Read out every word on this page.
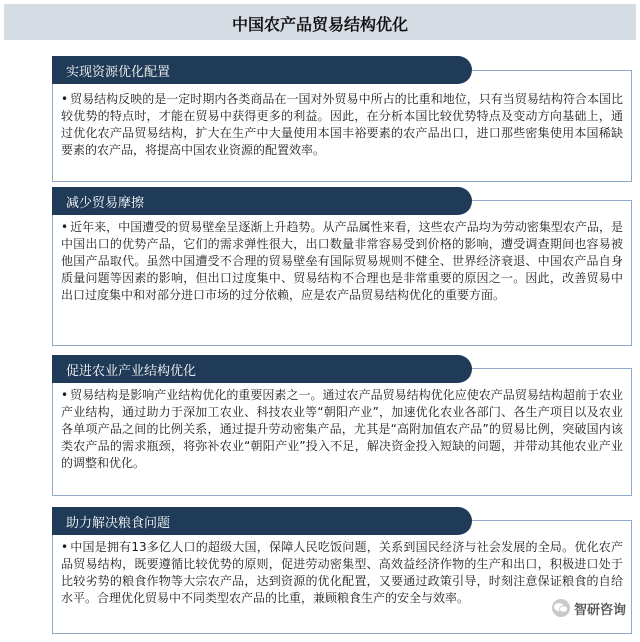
中国农产品贸易结构优化
• 贸易结构反映的是一定时期内各类商品在一国对外贸易中所占的比重和地位，只有当贸易结构符合本国比较优势的特点时，才能在贸易中获得更多的利益。因此，在分析本国比较优势特点及变动方向基础上，通过优化农产品贸易结构，扩大在生产中大量使用本国丰裕要素的农产品出口，进口那些密集使用本国稀缺要素的农产品，将提高中国农业资源的配置效率。
实现资源优化配置
• 近年来，中国遭受的贸易壁垒呈逐渐上升趋势。从产品属性来看，这些农产品均为劳动密集型农产品，是中国出口的优势产品，它们的需求弹性很大，出口数量非常容易受到价格的影响，遭受调查期间也容易被他国产品取代。虽然中国遭受不合理的贸易壁垒有国际贸易规则不健全、世界经济衰退、中国农产品自身质量问题等因素的影响，但出口过度集中、贸易结构不合理也是非常重要的原因之一。因此，改善贸易中出口过度集中和对部分进口市场的过分依赖，应是农产品贸易结构优化的重要方面。
减少贸易摩擦
• 贸易结构是影响产业结构优化的重要因素之一。通过农产品贸易结构优化应使农产品贸易结构超前于农业产业结构，通过助力于深加工农业、科技农业等“朝阳产业”，加速优化农业各部门、各生产项目以及农业各单项产品之间的比例关系，通过提升劳动密集产品，尤其是“高附加值农产品”的贸易比例，突破国内该类农产品的需求瓶颈，将弥补农业“朝阳产业”投入不足，解决资金投入短缺的问题，并带动其他农业产业的调整和优化。
促进农业产业结构优化
• 中国是拥有13多亿人口的超级大国，保障人民吃饭问题，关系到国民经济与社会发展的全局。优化农产品贸易结构，既要遵循比较优势的原则，促进劳动密集型、高效益经济作物的生产和出口，积极进口处于比较劣势的粮食作物等大宗农产品，达到资源的优化配置，又要通过政策引导，时刻注意保证粮食的自给水平。合理优化贸易中不同类型农产品的比重，兼顾粮食生产的安全与效率。
助力解决粮食问题
智研咨询
